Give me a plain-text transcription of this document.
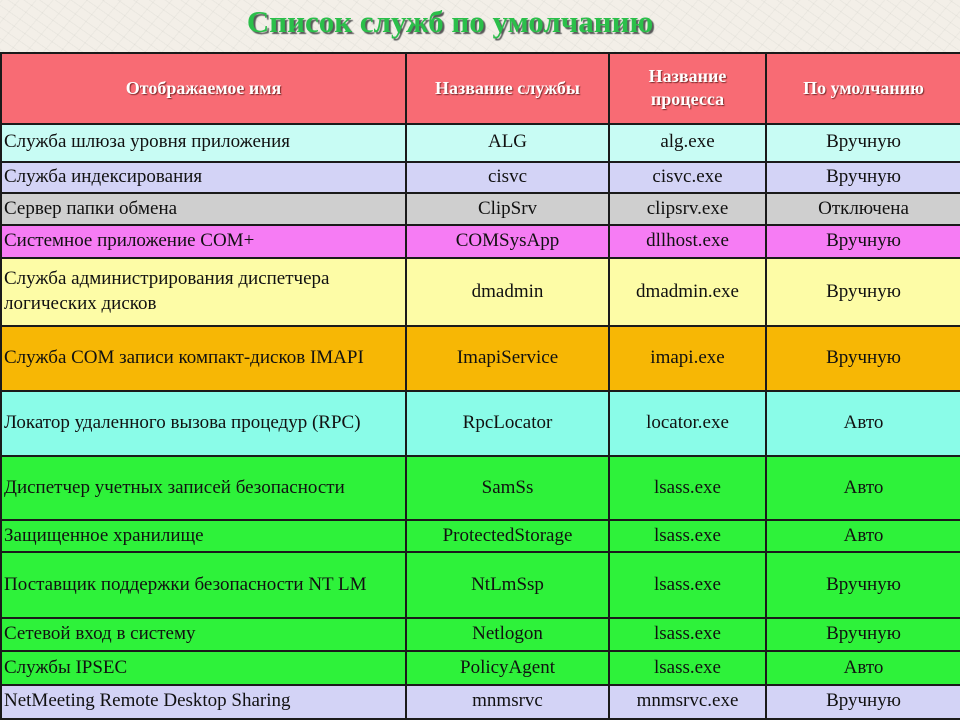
Список служб по умолчанию
Отображаемое имя	Название службы	Название процесса	По умолчанию
Служба шлюза уровня приложения	ALG	alg.exe	Вручную
Служба индексирования	cisvc	cisvc.exe	Вручную
Сервер папки обмена	ClipSrv	clipsrv.exe	Отключена
Системное приложение COM+	COMSysApp	dllhost.exe	Вручную
Служба администрирования диспетчера логических дисков	dmadmin	dmadmin.exe	Вручную
Служба COM записи компакт-дисков IMAPI	ImapiService	imapi.exe	Вручную
Локатор удаленного вызова процедур (RPC)	RpcLocator	locator.exe	Авто
Диспетчер учетных записей безопасности	SamSs	lsass.exe	Авто
Защищенное хранилище	ProtectedStorage	lsass.exe	Авто
Поставщик поддержки безопасности NT LM	NtLmSsp	lsass.exe	Вручную
Сетевой вход в систему	Netlogon	lsass.exe	Вручную
Службы IPSEC	PolicyAgent	lsass.exe	Авто
NetMeeting Remote Desktop Sharing	mnmsrvc	mnmsrvc.exe	Вручную
